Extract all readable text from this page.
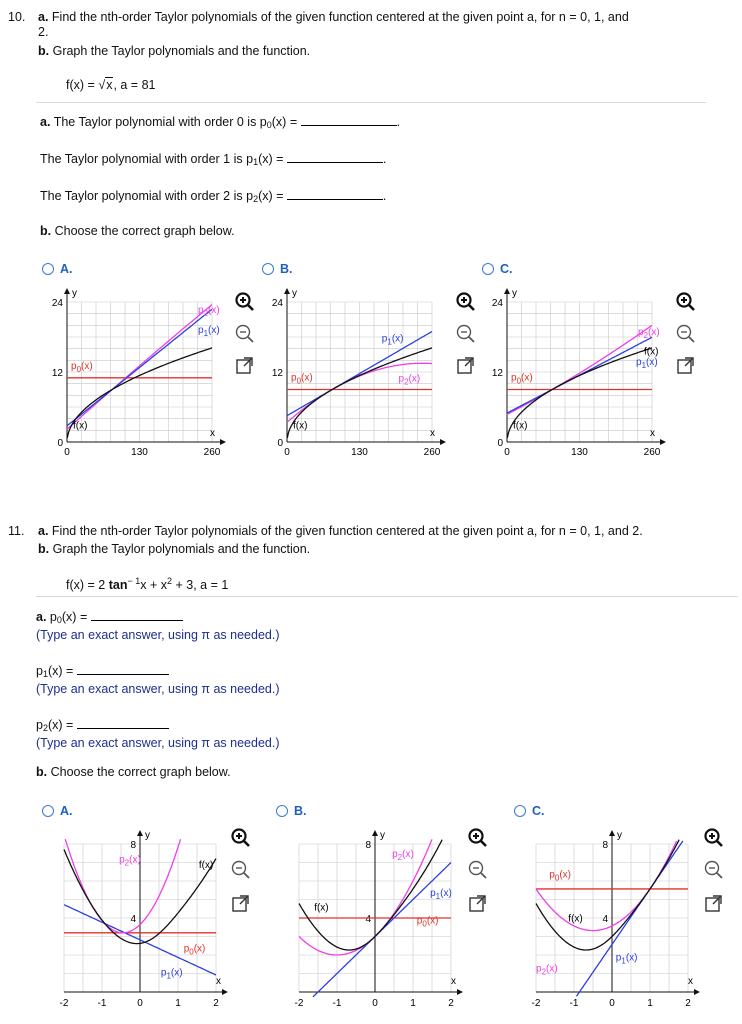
10. a. Find the nth-order Taylor polynomials of the given function centered at the given point a, for n = 0, 1, and
2.
b. Graph the Taylor polynomials and the function.
f(x) = √x, a = 81
a. The Taylor polynomial with order 0 is $p_0(x)$ =	.
The Taylor polynomial with order 1 is $p_1(x)$ =	.
The Taylor polynomial with order 2 is $p_2(x)$ =	.
b. Choose the correct graph below.
A.	B.	C.
y
x
24
12
0
0	130	260
f(x)
$p_0(x)$
$p_2(x)$
$p_1(x)$
y
x
24
12
0
0	130	260
f(x)
$p_0(x)$
$p_1(x)$
$p_2(x)$
y
x
24
12
0
0	130	260
f(x)
$p_0(x)$
$p_2(x)$
f(x)
$p_1(x)$
11. a. Find the nth-order Taylor polynomials of the given function centered at the given point a, for n = 0, 1, and 2.
b. Graph the Taylor polynomials and the function.
f(x) = 2 $\tan^{- 1}x + x^2 + 3$, a = 1
a. $p_0(x)$ =
(Type an exact answer, using π as needed.)
$p_1(x)$ =
(Type an exact answer, using π as needed.)
$p_2(x)$ =
(Type an exact answer, using π as needed.)
b. Choose the correct graph below.
A.	B.	C.
y
x
8
4
-2	-1	0	1	2
$p_2(x)$
f(x)
$p_0(x)$
$p_1(x)$
y
x
8
4
-2	-1	0	1	2
$p_2(x)$
$p_1(x)$
f(x)
$p_0(x)$
y
x
8
4
-2	-1	0	1	2
$p_0(x)$
f(x)
$p_2(x)$
$p_1(x)$
